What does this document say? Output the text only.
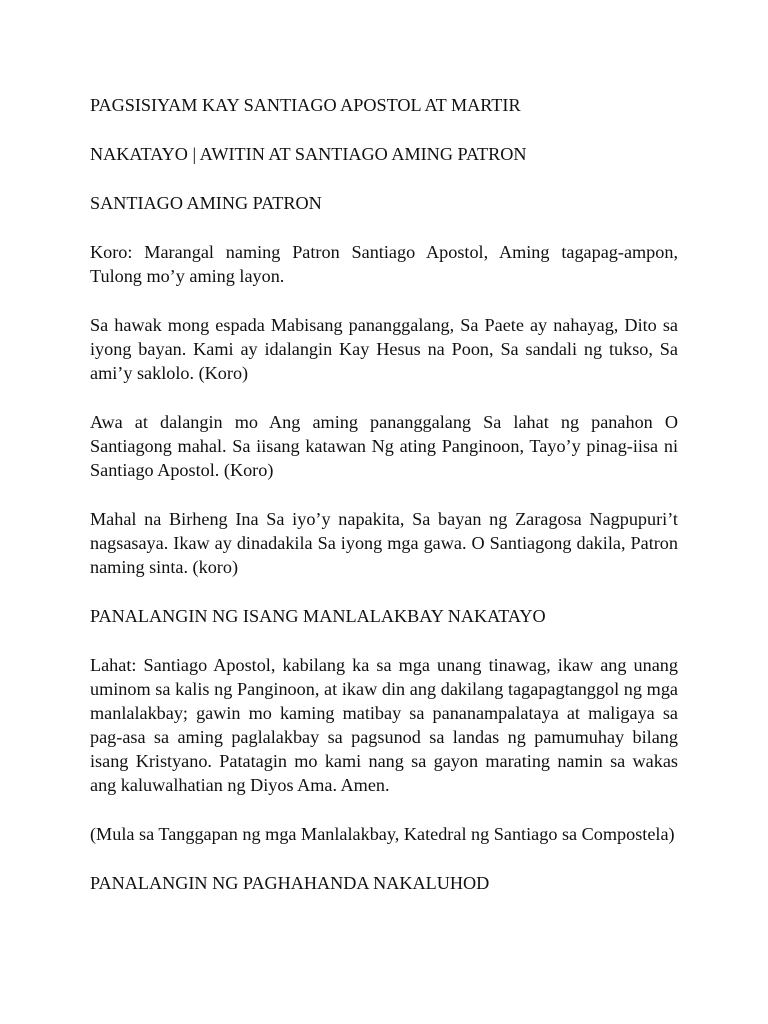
PAGSISIYAM KAY SANTIAGO APOSTOL AT MARTIR
NAKATAYO | AWITIN AT SANTIAGO AMING PATRON
SANTIAGO AMING PATRON
Koro: Marangal naming Patron Santiago Apostol, Aming tagapag-ampon, Tulong mo’y aming layon.
Sa hawak mong espada Mabisang pananggalang, Sa Paete ay nahayag, Dito sa iyong bayan. Kami ay idalangin Kay Hesus na Poon, Sa sandali ng tukso, Sa ami’y saklolo. (Koro)
Awa at dalangin mo Ang aming pananggalang Sa lahat ng panahon O Santiagong mahal. Sa iisang katawan Ng ating Panginoon, Tayo’y pinag-iisa ni Santiago Apostol. (Koro)
Mahal na Birheng Ina Sa iyo’y napakita, Sa bayan ng Zaragosa Nagpupuri’t nagsasaya. Ikaw ay dinadakila Sa iyong mga gawa. O Santiagong dakila, Patron naming sinta. (koro)
PANALANGIN NG ISANG MANLALAKBAY NAKATAYO
Lahat: Santiago Apostol, kabilang ka sa mga unang tinawag, ikaw ang unang uminom sa kalis ng Panginoon, at ikaw din ang dakilang tagapagtanggol ng mga manlalakbay; gawin mo kaming matibay sa pananampalataya at maligaya sa pag-asa sa aming paglalakbay sa pagsunod sa landas ng pamumuhay bilang isang Kristyano. Patatagin mo kami nang sa gayon marating namin sa wakas ang kaluwalhatian ng Diyos Ama. Amen.
(Mula sa Tanggapan ng mga Manlalakbay, Katedral ng Santiago sa Compostela)
PANALANGIN NG PAGHAHANDA NAKALUHOD
